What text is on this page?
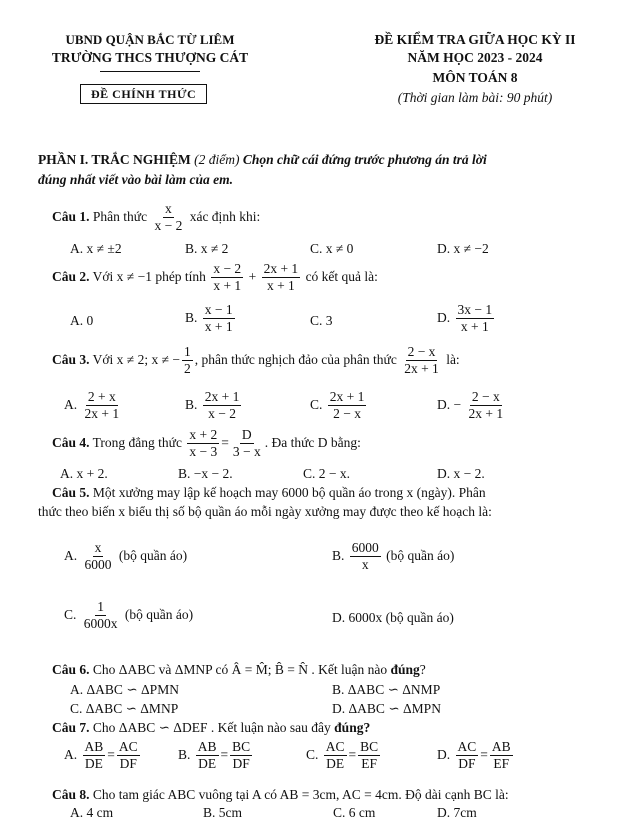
UBND QUẬN BẮC TỪ LIÊM
TRƯỜNG THCS THƯỢNG CÁT
ĐỀ CHÍNH THỨC
ĐỀ KIỂM TRA GIỮA HỌC KỲ II
NĂM HỌC 2023 - 2024
MÔN TOÁN 8
(Thời gian làm bài: 90 phút)
PHẦN I. TRẮC NGHIỆM (2 điểm) Chọn chữ cái đứng trước phương án trả lời
đúng nhất viết vào bài làm của em.
Câu 1. Phân thức $\frac{x}{x - 2}$ xác định khi:
A. x ≠ ±2	B. x ≠ 2	C. x ≠ 0	D. x ≠ −2
Câu 2. Với x ≠ −1 phép tính $\frac{x - 2}{x + 1} + \frac{2x + 1}{x + 1}$ có kết quả là:
A. 0	B. $\frac{x - 1}{x + 1}$	C. 3	D. $\frac{3x - 1}{x + 1}$
Câu 3. Với x ≠ 2; x ≠ − $\frac{1}{2}$ , phân thức nghịch đảo của phân thức $\frac{2 - x}{2x + 1}$ là:
A. $\frac{2 + x}{2x + 1}$	B. $\frac{2x + 1}{x - 2}$	C. $\frac{2x + 1}{2 - x}$	D. − $\frac{2 - x}{2x + 1}$
Câu 4. Trong đẳng thức $\frac{x + 2}{x - 3} = \frac{D}{3 - x}$ . Đa thức D bằng:
A. x + 2.	B. −x − 2.	C. 2 − x.	D. x − 2.
Câu 5. Một xưởng may lập kế hoạch may 6000 bộ quần áo trong x (ngày). Phân
thức theo biến x biểu thị số bộ quần áo mỗi ngày xưởng may được theo kế hoạch là:
A. $\frac{x}{6000}$ (bộ quần áo)	B. $\frac{6000}{x}$ (bộ quần áo)
C. $\frac{1}{6000x}$ (bộ quần áo)	D. 6000x (bộ quần áo)
Câu 6. Cho ΔABC và ΔMNP có Â = M̂; B̂ = N̂ . Kết luận nào đúng?
A. ΔABC ∽ ΔPMN	B. ΔABC ∽ ΔNMP
C. ΔABC ∽ ΔMNP	D. ΔABC ∽ ΔMPN
Câu 7. Cho ΔABC ∽ ΔDEF . Kết luận nào sau đây đúng?
A. $\frac{AB}{DE} = \frac{AC}{DF}$	B. $\frac{AB}{DE} = \frac{BC}{DF}$	C. $\frac{AC}{DE} = \frac{BC}{EF}$	D. $\frac{AC}{DF} = \frac{AB}{EF}$
Câu 8. Cho tam giác ABC vuông tại A có AB = 3cm, AC = 4cm. Độ dài cạnh BC là:
A. 4 cm	B. 5cm	C. 6 cm	D. 7cm
